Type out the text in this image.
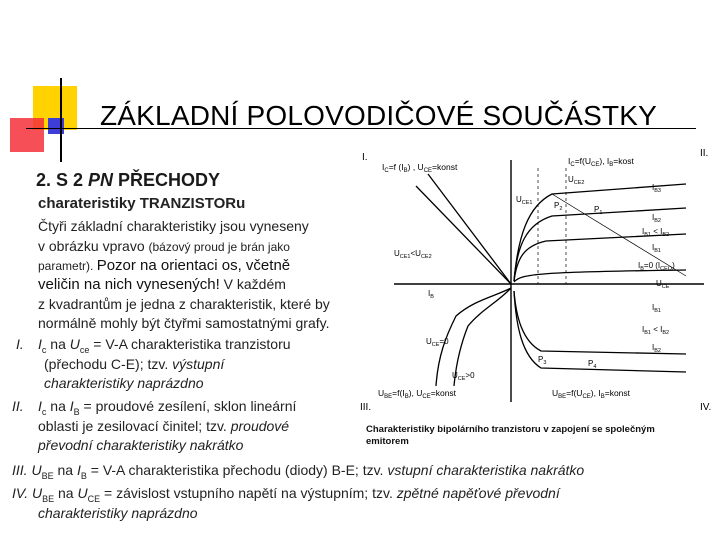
ZÁKLADNÍ POLOVODIČOVÉ SOUČÁSTKY
2. S 2 PN PŘECHODY
charateristiky TRANZISTORu
Čtyři základní charakteristiky jsou vyneseny
v obrázku vpravo (bázový proud je brán jako
parametr). Pozor na orientaci os, včetně
veličin na nich vynesených! V každém
z kvadrantům je jedna z charakteristik, které by
normálně mohly být čtyřmi samostatnými grafy.
I. $I_c$ na $U_{ce} = V-A$ charakteristika tranzistoru
(přechodu C-E); tzv. výstupní
charakteristiky naprázdno
II. $I_c$ na $I_B$ = proudové zesílení, sklon lineární
oblasti je zesilovací činitel; tzv. proudové
převodní charakteristiky nakrátko
III. $U_{BE}$ na $I_B = V-A$ charakteristika přechodu (diody) B-E; tzv. vstupní charakteristika nakrátko
IV. $U_{BE}$ na $U_{CE}$ = závislost vstupního napětí na výstupním; tzv. zpětné napěťové převodní
charakteristiky naprázdno
I.	II.
III.	IV.
$I_C=f$ $(I_B)$ , $U_{CE}=konst$
$I_C=f(U_{CE})$, $I_B=kost$
$U_{BE}=f(I_B)$, $U_{CE}=konst$	$U_{BE}=f(U_{CE})$, $I_B=konst$
$U_{CE2}$
$U_{CE1}$	$P_2$	$P_1$
$I_{B3}$
$I_{B2}$
$I_{B1} < I_{B2}$
$I_{B1}$
$I_B=0$ $(I_{CEO})$
$U_{CE}$
$I_B$
$U_{CE1}<U_{CE2}$
$I_{B1}$
$I_{B1} < I_{B2}$
$I_{B2}$
$U_{CE}=0$
$U_{CE}>0$
$P_3$	$P_4$
Charakteristiky bipolárního tranzistoru v zapojení se společným
emitorem
